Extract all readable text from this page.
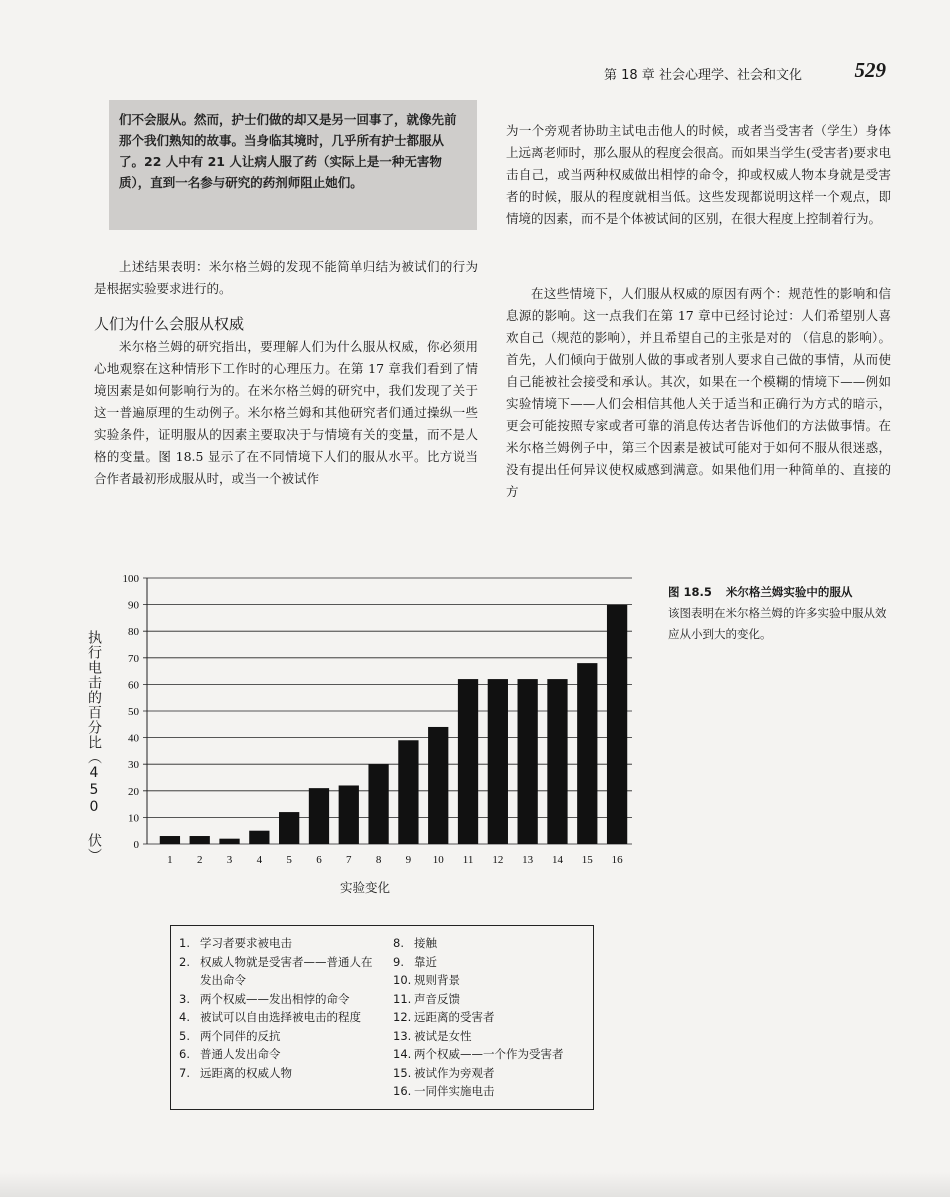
第 18 章 社会心理学、社会和文化	529
们不会服从。然而，护士们做的却又是另一回事了，就像先前那个我们熟知的故事。当身临其境时，几乎所有护士都服从了。22 人中有 21 人让病人服了药（实际上是一种无害物质），直到一名参与研究的药剂师阻止她们。

上述结果表明：米尔格兰姆的发现不能简单归结为被试们的行为是根据实验要求进行的。

人们为什么会服从权威

米尔格兰姆的研究指出，要理解人们为什么服从权威，你必须用心地观察在这种情形下工作时的心理压力。在第 17 章我们看到了情境因素是如何影响行为的。在米尔格兰姆的研究中，我们发现了关于这一普遍原理的生动例子。米尔格兰姆和其他研究者们通过操纵一些实验条件，证明服从的因素主要取决于与情境有关的变量，而不是人格的变量。图 18.5 显示了在不同情境下人们的服从水平。比方说当合作者最初形成服从时，或当一个被试作

为一个旁观者协助主试电击他人的时候，或者当受害者（学生）身体上远离老师时，那么服从的程度会很高。而如果当学生(受害者)要求电击自己，或当两种权威做出相悖的命令，抑或权威人物本身就是受害者的时候，服从的程度就相当低。这些发现都说明这样一个观点，即情境的因素，而不是个体被试间的区别，在很大程度上控制着行为。

在这些情境下，人们服从权威的原因有两个：规范性的影响和信息源的影响。这一点我们在第 17 章中已经讨论过：人们希望别人喜欢自己（规范的影响），并且希望自己的主张是对的 （信息的影响）。首先，人们倾向于做别人做的事或者别人要求自己做的事情，从而使自己能被社会接受和承认。其次，如果在一个模糊的情境下——例如实验情境下——人们会相信其他人关于适当和正确行为方式的暗示，更会可能按照专家或者可靠的消息传达者告诉他们的方法做事情。在米尔格兰姆例子中，第三个因素是被试可能对于如何不服从很迷惑，没有提出任何异议使权威感到满意。如果他们用一种简单的、直接的方

0
10
20
30
40
50
60
70
80
90
100
1 2 3 4 5 6 7 8 9 10 11 12 13 14 15 16
执行电击的百分比（450 伏）
实验变化
图 18.5 米尔格兰姆实验中的服从
该图表明在米尔格兰姆的许多实验中服从效应从小到大的变化。
1. 学习者要求被电击
2. 权威人物就是受害者——普通人在发出命令
3. 两个权威——发出相悖的命令
4. 被试可以自由选择被电击的程度
5. 两个同伴的反抗
6. 普通人发出命令
7. 远距离的权威人物
8. 接触
9. 靠近
10. 规则背景
11. 声音反馈
12. 远距离的受害者
13. 被试是女性
14. 两个权威——一个作为受害者
15. 被试作为旁观者
16. 一同伴实施电击
